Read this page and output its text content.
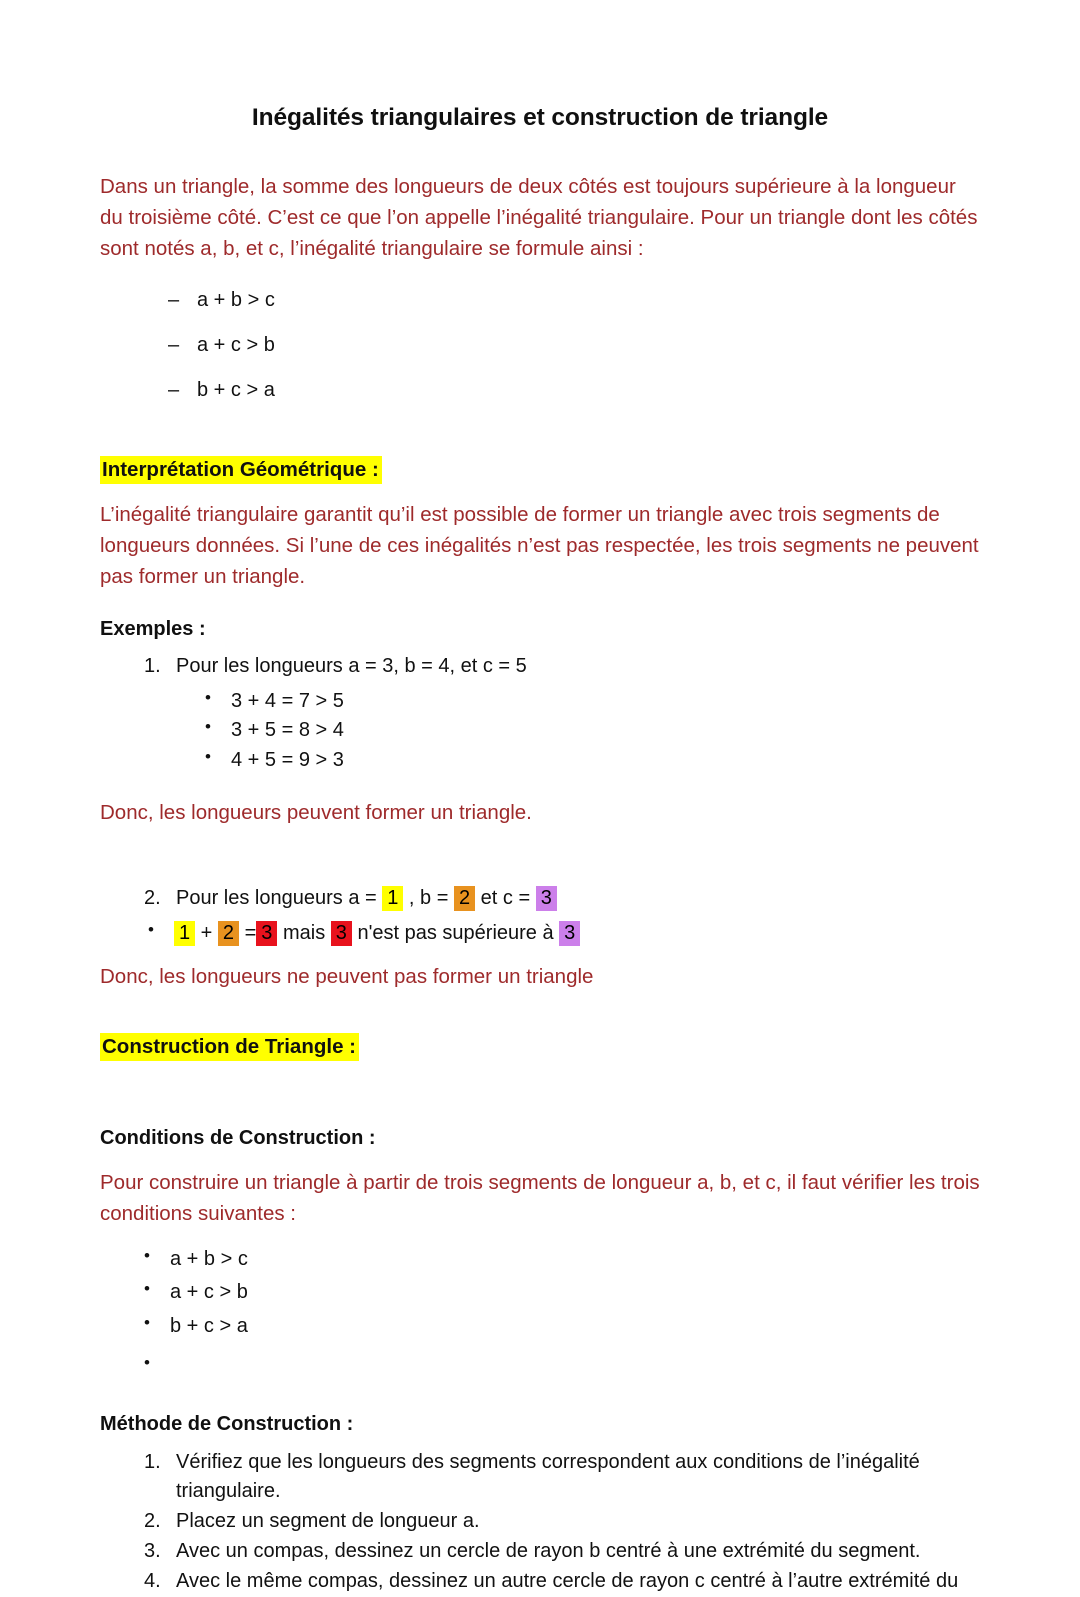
Inégalités triangulaires et construction de triangle

Dans un triangle, la somme des longueurs de deux côtés est toujours supérieure à la longueur du troisième côté. C’est ce que l’on appelle l’inégalité triangulaire. Pour un triangle dont les côtés sont notés a, b, et c, l’inégalité triangulaire se formule ainsi :

– a + b > c
– a + c > b
– b + c > a
Interprétation Géométrique :

L’inégalité triangulaire garantit qu’il est possible de former un triangle avec trois segments de longueurs données. Si l’une de ces inégalités n’est pas respectée, les trois segments ne peuvent pas former un triangle.

Exemples :
1. Pour les longueurs a = 3, b = 4, et c = 5
• 3 + 4 = 7 > 5
• 3 + 5 = 8 > 4
• 4 + 5 = 9 > 3

Donc, les longueurs peuvent former un triangle.

2. Pour les longueurs a = 1 , b = 2 et c = 3
• 1 + 2 = 3 mais 3 n'est pas supérieure à 3

Donc, les longueurs ne peuvent pas former un triangle

Construction de Triangle :
Conditions de Construction :

Pour construire un triangle à partir de trois segments de longueur a, b, et c, il faut vérifier les trois conditions suivantes :

• a + b > c
• a + c > b
• b + c > a
•
Méthode de Construction :
1. Vérifiez que les longueurs des segments correspondent aux conditions de l’inégalité triangulaire.
2. Placez un segment de longueur a.
3. Avec un compas, dessinez un cercle de rayon b centré à une extrémité du segment.
4. Avec le même compas, dessinez un autre cercle de rayon c centré à l’autre extrémité du
